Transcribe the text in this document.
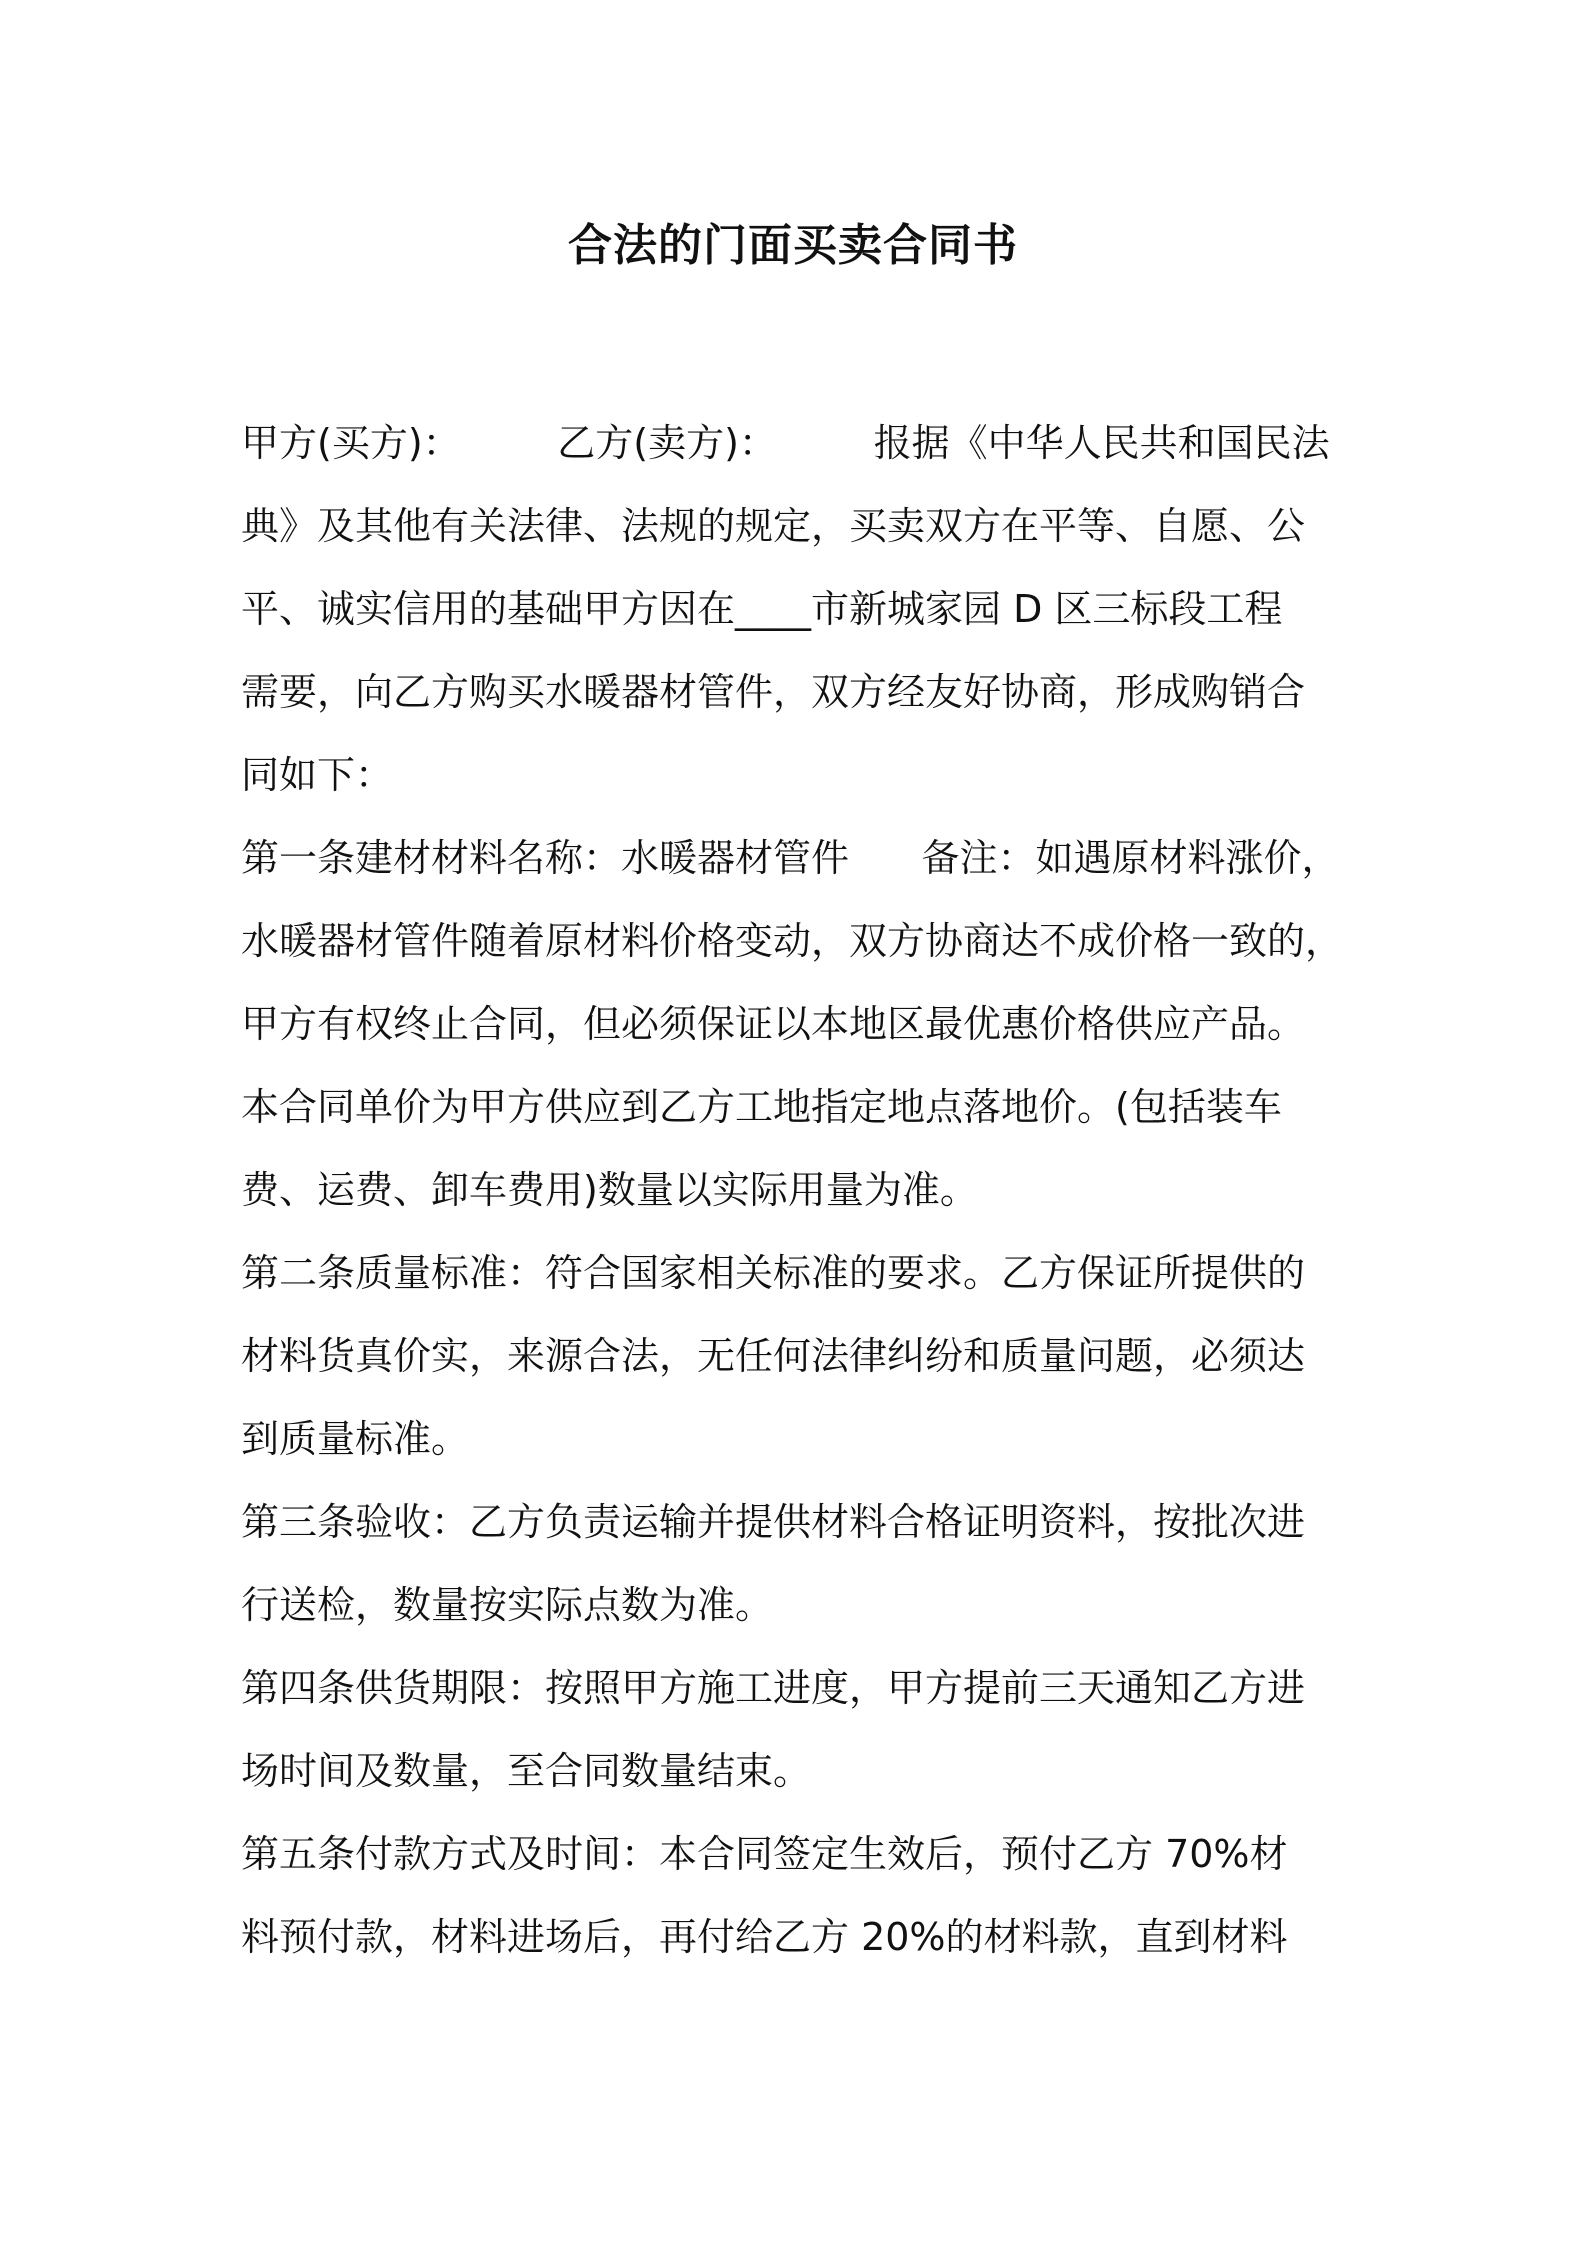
合法的门面买卖合同书
甲方(买方)：        乙方(卖方)：        报据《中华人民共和国民法
典》及其他有关法律、法规的规定，买卖双方在平等、自愿、公
平、诚实信用的基础甲方因在____市新城家园 D 区三标段工程
需要，向乙方购买水暖器材管件，双方经友好协商，形成购销合
同如下：
第一条建材材料名称：水暖器材管件      备注：如遇原材料涨价，
水暖器材管件随着原材料价格变动，双方协商达不成价格一致的，
甲方有权终止合同，但必须保证以本地区最优惠价格供应产品。
本合同单价为甲方供应到乙方工地指定地点落地价。(包括装车
费、运费、卸车费用)数量以实际用量为准。
第二条质量标准：符合国家相关标准的要求。乙方保证所提供的
材料货真价实，来源合法，无任何法律纠纷和质量问题，必须达
到质量标准。
第三条验收：乙方负责运输并提供材料合格证明资料，按批次进
行送检，数量按实际点数为准。
第四条供货期限：按照甲方施工进度，甲方提前三天通知乙方进
场时间及数量，至合同数量结束。
第五条付款方式及时间：本合同签定生效后，预付乙方 70%材
料预付款，材料进场后，再付给乙方 20%的材料款，直到材料
